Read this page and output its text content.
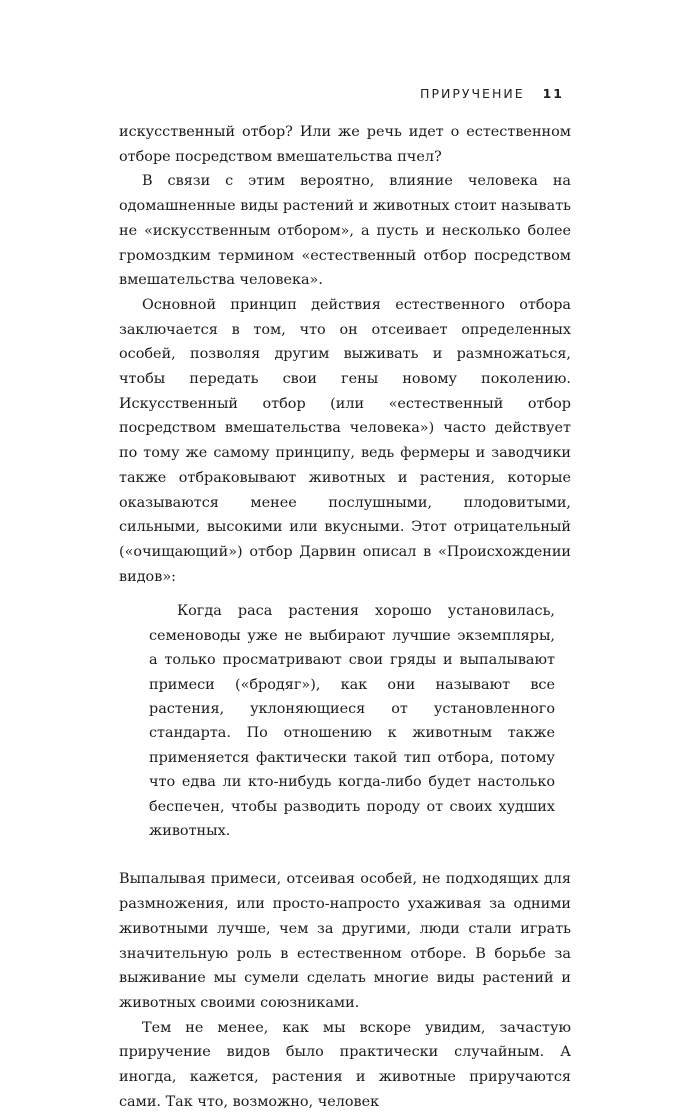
ПРИРУЧЕНИЕ 11

искусственный отбор? Или же речь идет о естественном отборе посредством вмешательства пчел?

В связи с этим вероятно, влияние человека на одомашненные виды растений и животных стоит называть не «искусственным отбором», а пусть и несколько более громоздким термином «естественный отбор посредством вмешательства человека».

Основной принцип действия естественного отбора заключается в том, что он отсеивает определенных особей, позволяя другим выживать и размножаться, чтобы передать свои гены новому поколению. Искусственный отбор (или «естественный отбор посредством вмешательства человека») часто действует по тому же самому принципу, ведь фермеры и заводчики также отбраковывают животных и растения, которые оказываются менее послушными, плодовитыми, сильными, высокими или вкусными. Этот отрицательный («очищающий») отбор Дарвин описал в «Происхождении видов»:

Когда раса растения хорошо установилась, семеноводы уже не выбирают лучшие экземпляры, а только просматривают свои гряды и выпалывают примеси («бродяг»), как они называют все растения, уклоняющиеся от установленного стандарта. По отношению к животным также применяется фактически такой тип отбора, потому что едва ли кто-нибудь когда-либо будет настолько беспечен, чтобы разводить породу от своих худших животных.

Выпалывая примеси, отсеивая особей, не подходящих для размножения, или просто-напросто ухаживая за одними животными лучше, чем за другими, люди стали играть значительную роль в естественном отборе. В борьбе за выживание мы сумели сделать многие виды растений и животных своими союзниками.

Тем не менее, как мы вскоре увидим, зачастую приручение видов было практически случайным. А иногда, кажется, растения и животные приручаются сами. Так что, возможно, человек
